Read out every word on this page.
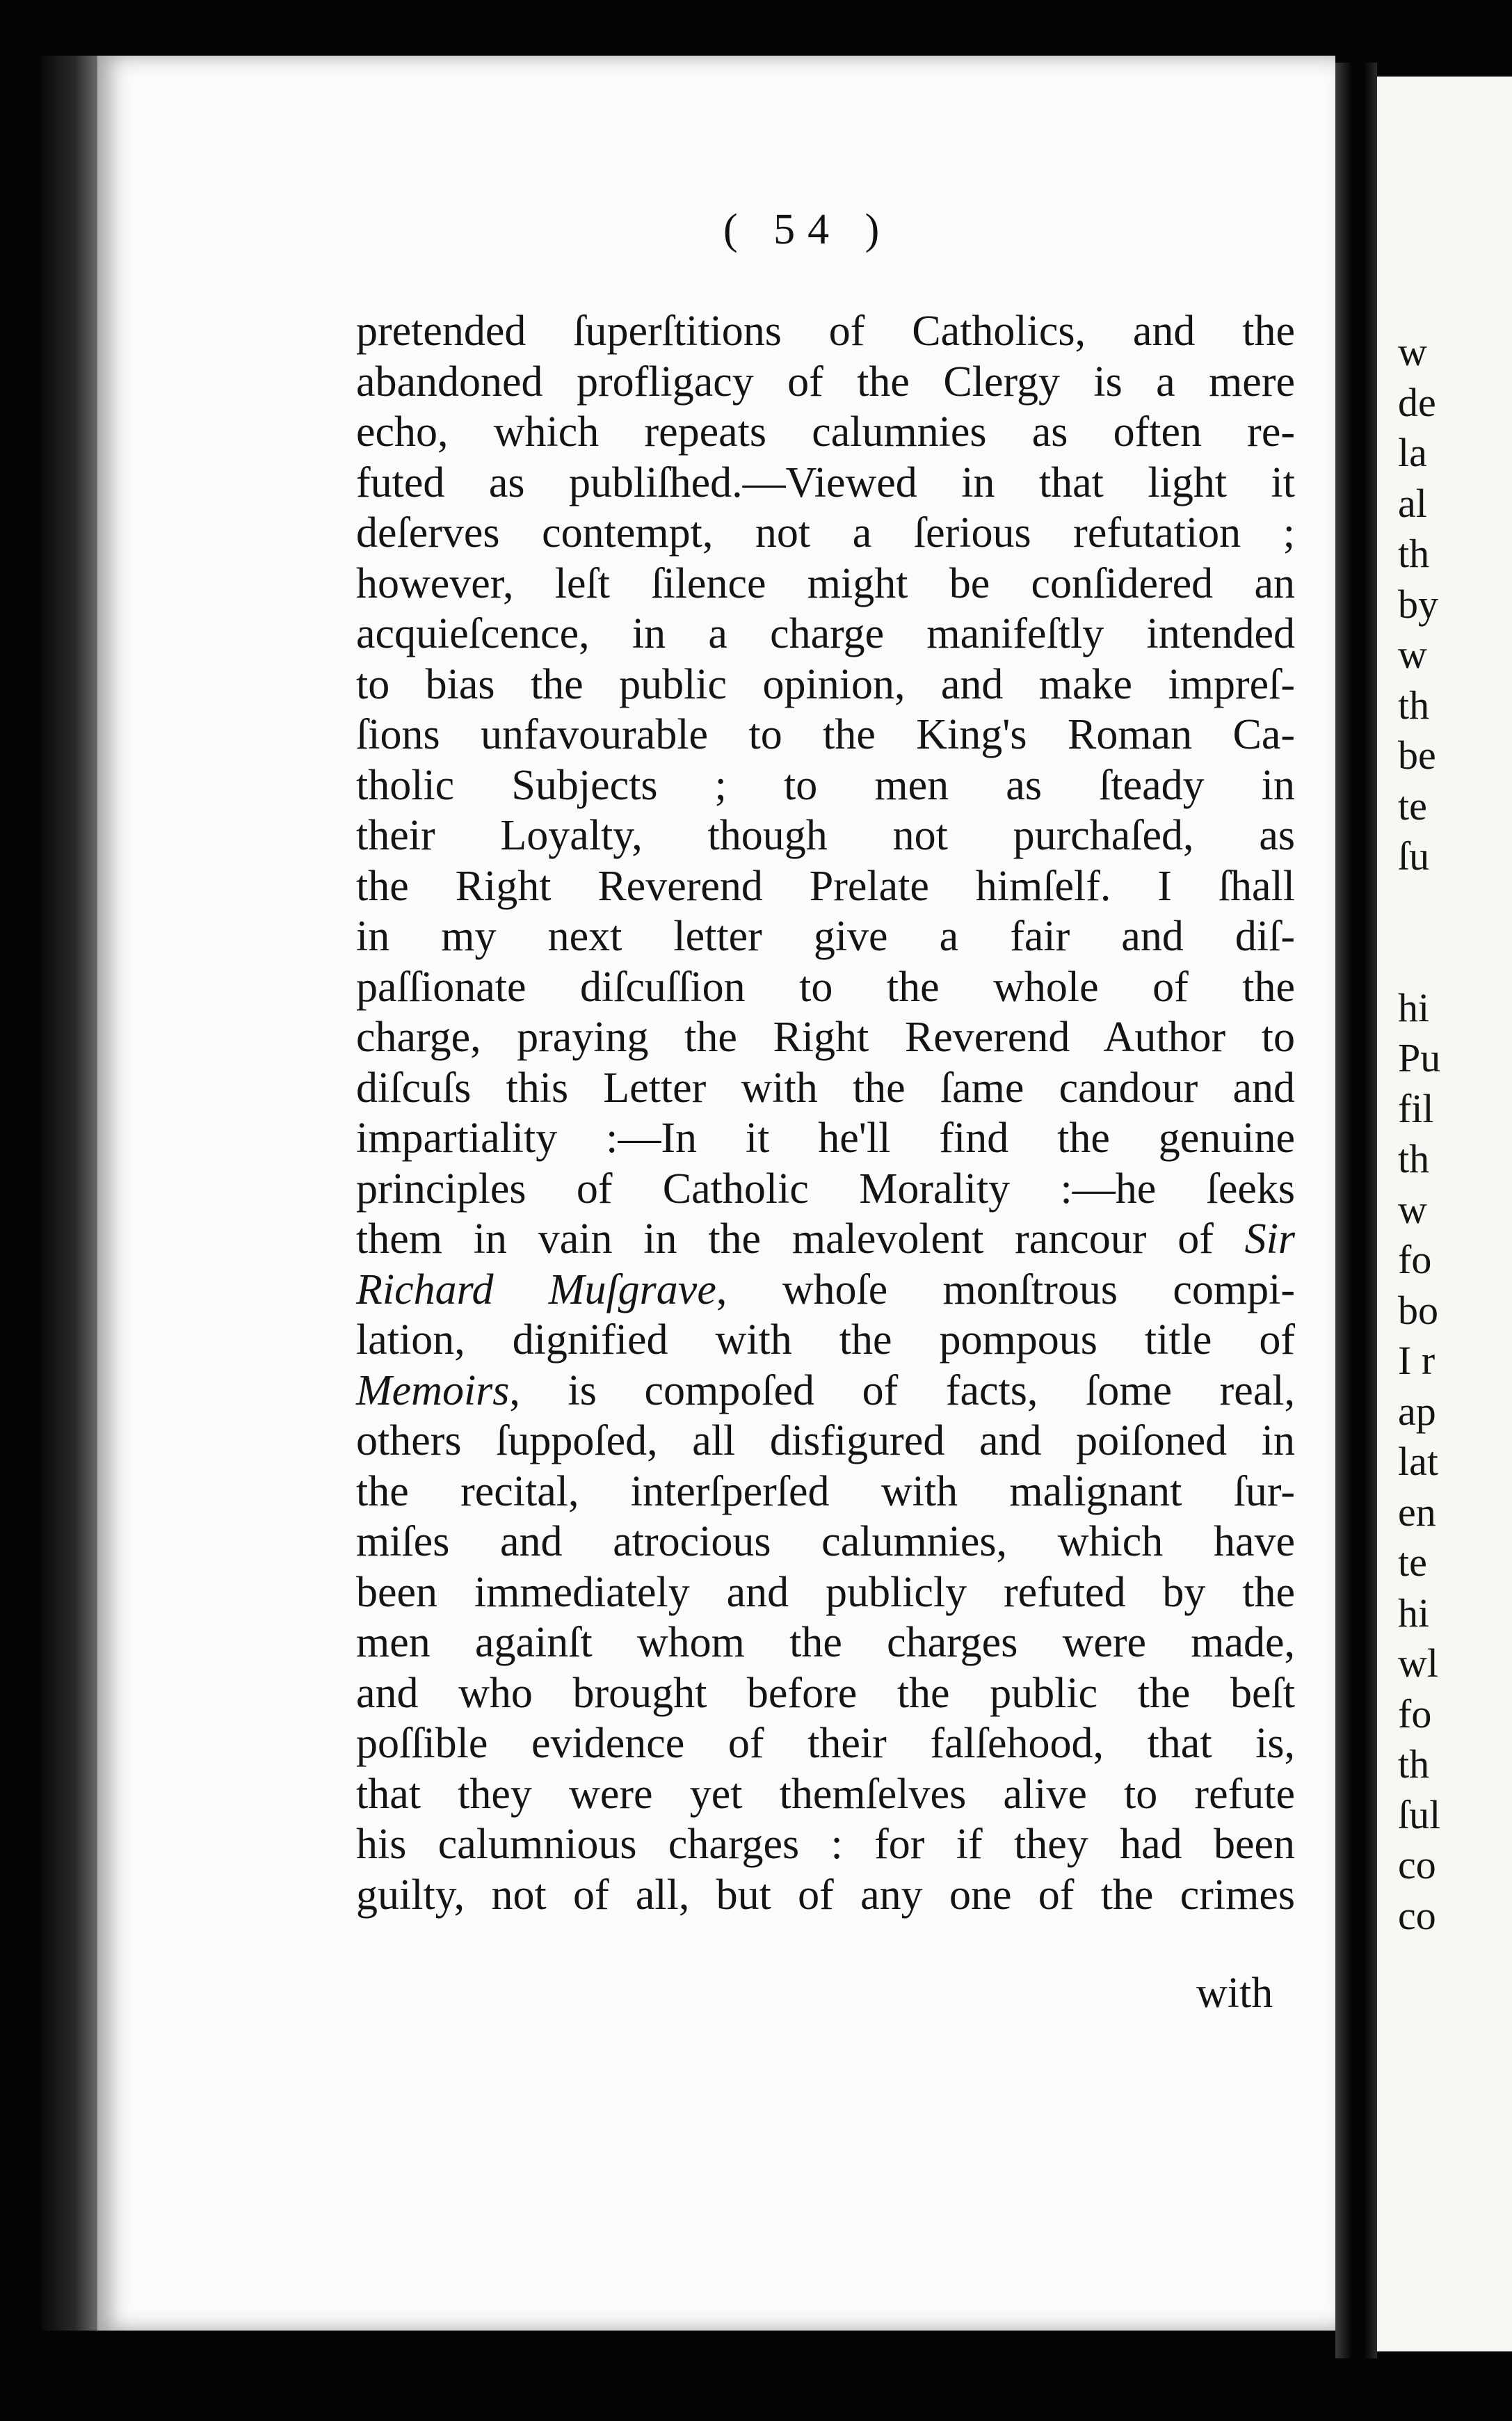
w
de
la
al
th
by
w
th
be
te
ſu
hi
Pu
fil
th
w
fo
bo
I r
ap
lat
en
te
hi
wl
fo
th
ſul
co
co
( 54 )
pretended ſuperſtitions of Catholics, and the
abandoned profligacy of the Clergy is a mere
echo, which repeats calumnies as often re-
futed as publiſhed.—Viewed in that light it
deſerves contempt, not a ſerious refutation ;
however, leſt ſilence might be conſidered an
acquieſcence, in a charge manifeſtly intended
to bias the public opinion, and make impreſ-
ſions unfavourable to the King's Roman Ca-
tholic Subjects ; to men as ſteady in
their Loyalty, though not purchaſed, as
the Right Reverend Prelate himſelf. I ſhall
in my next letter give a fair and diſ-
paſſionate diſcuſſion to the whole of the
charge, praying the Right Reverend Author to
diſcuſs this Letter with the ſame candour and
impartiality :—In it he'll find the genuine
principles of Catholic Morality :—he ſeeks
them in vain in the malevolent rancour of Sir
Richard Muſgrave, whoſe monſtrous compi-
lation, dignified with the pompous title of
Memoirs, is compoſed of facts, ſome real,
others ſuppoſed, all disfigured and poiſoned in
the recital, interſperſed with malignant ſur-
miſes and atrocious calumnies, which have
been immediately and publicly refuted by the
men againſt whom the charges were made,
and who brought before the public the beſt
poſſible evidence of their falſehood, that is,
that they were yet themſelves alive to refute
his calumnious charges : for if they had been
guilty, not of all, but of any one of the crimes
with
